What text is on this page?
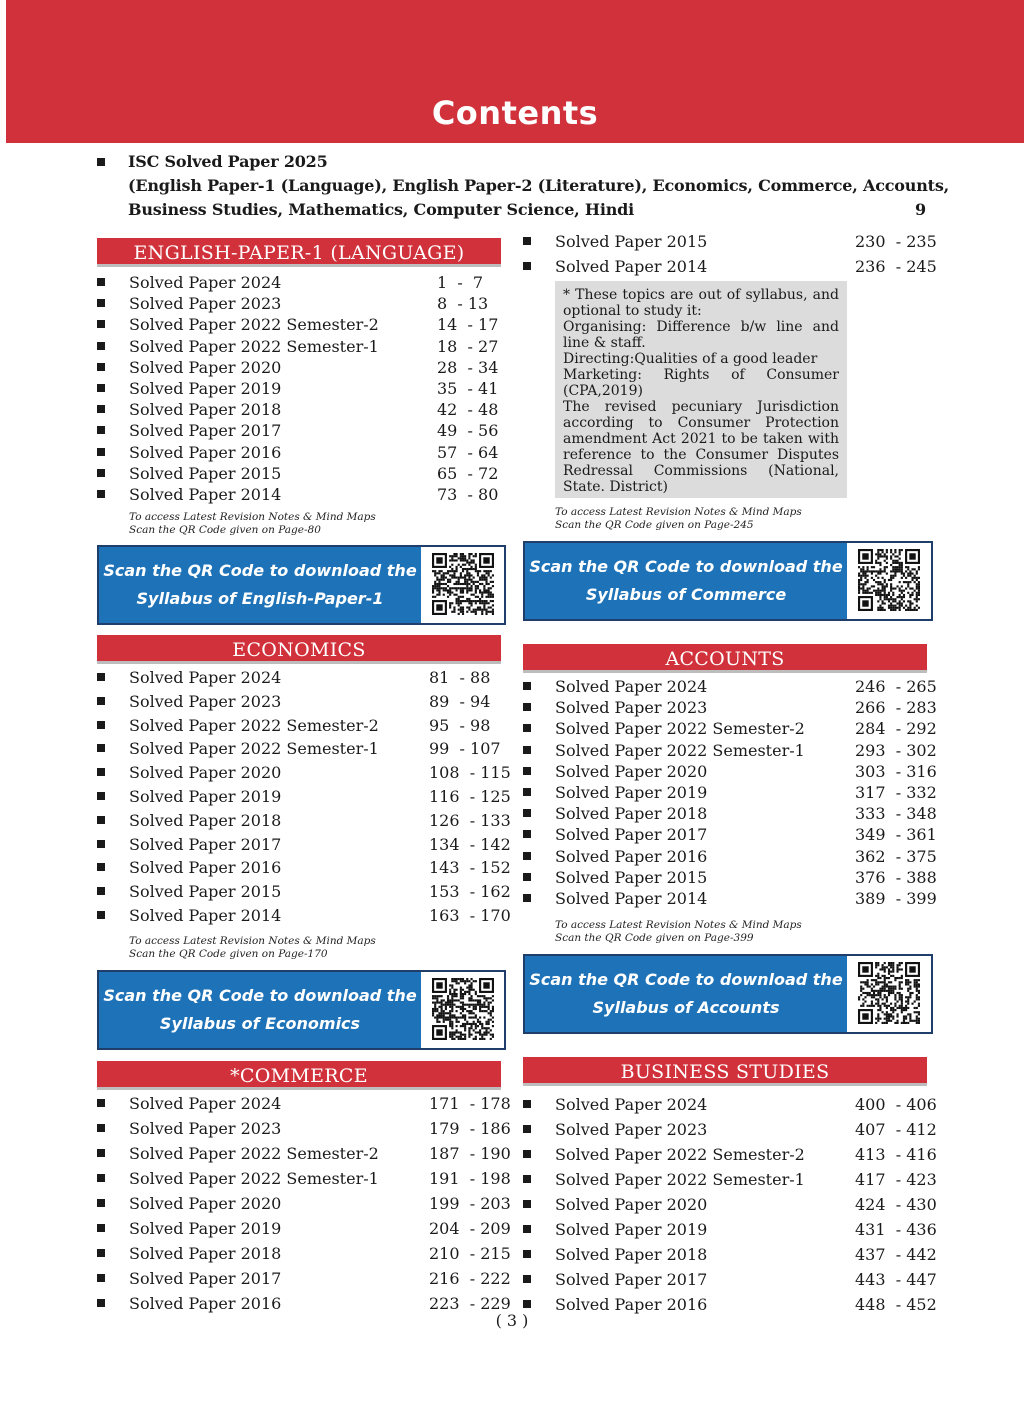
Contents
ISC Solved Paper 2025
(English Paper-1 (Language), English Paper-2 (Literature), Economics, Commerce, Accounts,
Business Studies, Mathematics, Computer Science, Hindi	9
ENGLISH-PAPER-1 (LANGUAGE)
Solved Paper 2024	1  -  7
Solved Paper 2023	8  - 13
Solved Paper 2022 Semester-2	14  - 17
Solved Paper 2022 Semester-1	18  - 27
Solved Paper 2020	28  - 34
Solved Paper 2019	35  - 41
Solved Paper 2018	42  - 48
Solved Paper 2017	49  - 56
Solved Paper 2016	57  - 64
Solved Paper 2015	65  - 72
Solved Paper 2014	73  - 80
To access Latest Revision Notes & Mind Maps
Scan the QR Code given on Page-80
Scan the QR Code to download the
Syllabus of English-Paper-1
Solved Paper 2015	230  - 235
Solved Paper 2014	236  - 245

* These topics are out of syllabus, and optional to study it:

Organising: Difference b/w line and line & staff.

Directing:Qualities of a good leader

Marketing: Rights of Consumer (CPA,2019)

The revised pecuniary Jurisdiction according to Consumer Protection amendment Act 2021 to be taken with reference to the Consumer Disputes Redressal Commissions (National, State. District)

To access Latest Revision Notes & Mind Maps
Scan the QR Code given on Page-245
Scan the QR Code to download the
Syllabus of Commerce
ECONOMICS
Solved Paper 2024	81  - 88
Solved Paper 2023	89  - 94
Solved Paper 2022 Semester-2	95  - 98
Solved Paper 2022 Semester-1	99  - 107
Solved Paper 2020	108  - 115
Solved Paper 2019	116  - 125
Solved Paper 2018	126  - 133
Solved Paper 2017	134  - 142
Solved Paper 2016	143  - 152
Solved Paper 2015	153  - 162
Solved Paper 2014	163  - 170
To access Latest Revision Notes & Mind Maps
Scan the QR Code given on Page-170
Scan the QR Code to download the
Syllabus of Economics
ACCOUNTS
Solved Paper 2024	246  - 265
Solved Paper 2023	266  - 283
Solved Paper 2022 Semester-2	284  - 292
Solved Paper 2022 Semester-1	293  - 302
Solved Paper 2020	303  - 316
Solved Paper 2019	317  - 332
Solved Paper 2018	333  - 348
Solved Paper 2017	349  - 361
Solved Paper 2016	362  - 375
Solved Paper 2015	376  - 388
Solved Paper 2014	389  - 399
To access Latest Revision Notes & Mind Maps
Scan the QR Code given on Page-399
Scan the QR Code to download the
Syllabus of Accounts
*COMMERCE
Solved Paper 2024	171  - 178
Solved Paper 2023	179  - 186
Solved Paper 2022 Semester-2	187  - 190
Solved Paper 2022 Semester-1	191  - 198
Solved Paper 2020	199  - 203
Solved Paper 2019	204  - 209
Solved Paper 2018	210  - 215
Solved Paper 2017	216  - 222
Solved Paper 2016	223  - 229
BUSINESS STUDIES
Solved Paper 2024	400  - 406
Solved Paper 2023	407  - 412
Solved Paper 2022 Semester-2	413  - 416
Solved Paper 2022 Semester-1	417  - 423
Solved Paper 2020	424  - 430
Solved Paper 2019	431  - 436
Solved Paper 2018	437  - 442
Solved Paper 2017	443  - 447
Solved Paper 2016	448  - 452
( 3 )
